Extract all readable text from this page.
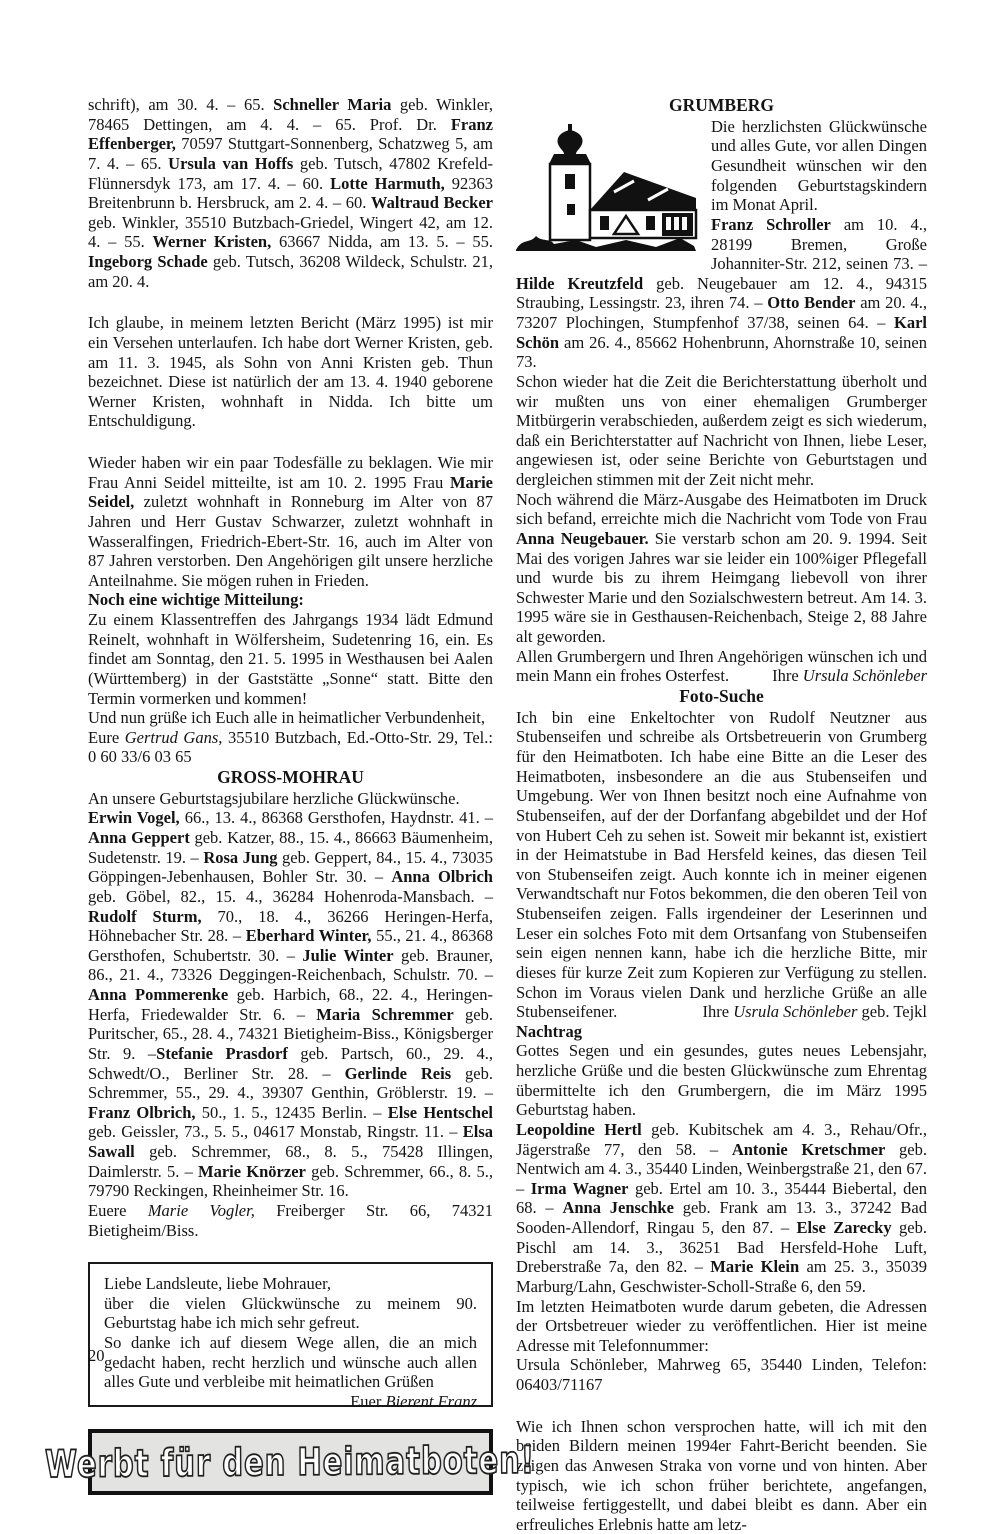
schrift), am 30. 4. – 65. Schneller Maria geb. Winkler, 78465 Dettingen, am 4. 4. – 65. Prof. Dr. Franz Effenberger, 70597 Stuttgart-Sonnenberg, Schatzweg 5, am 7. 4. – 65. Ursula van Hoffs geb. Tutsch, 47802 Krefeld-Flünnersdyk 173, am 17. 4. – 60. Lotte Harmuth, 92363 Breitenbrunn b. Hersbruck, am 2. 4. – 60. Waltraud Becker geb. Winkler, 35510 Butzbach-Griedel, Wingert 42, am 12. 4. – 55. Werner Kristen, 63667 Nidda, am 13. 5. – 55. Ingeborg Schade geb. Tutsch, 36208 Wildeck, Schulstr. 21, am 20. 4.
Ich glaube, in meinem letzten Bericht (März 1995) ist mir ein Versehen unterlaufen. Ich habe dort Werner Kristen, geb. am 11. 3. 1945, als Sohn von Anni Kristen geb. Thun bezeichnet. Diese ist natürlich der am 13. 4. 1940 geborene Werner Kristen, wohnhaft in Nidda. Ich bitte um Entschuldigung.
Wieder haben wir ein paar Todesfälle zu beklagen. Wie mir Frau Anni Seidel mitteilte, ist am 10. 2. 1995 Frau Marie Seidel, zuletzt wohnhaft in Ronneburg im Alter von 87 Jahren und Herr Gustav Schwarzer, zuletzt wohnhaft in Wasseralfingen, Friedrich-Ebert-Str. 16, auch im Alter von 87 Jahren verstorben. Den Angehörigen gilt unsere herzliche Anteilnahme. Sie mögen ruhen in Frieden.
Noch eine wichtige Mitteilung:
Zu einem Klassentreffen des Jahrgangs 1934 lädt Edmund Reinelt, wohnhaft in Wölfersheim, Sudetenring 16, ein. Es findet am Sonntag, den 21. 5. 1995 in Westhausen bei Aalen (Württemberg) in der Gaststätte „Sonne“ statt. Bitte den Termin vormerken und kommen!
Und nun grüße ich Euch alle in heimatlicher Verbundenheit,
Eure Gertrud Gans, 35510 Butzbach, Ed.-Otto-Str. 29, Tel.: 0 60 33/6 03 65
GROSS-MOHRAU
An unsere Geburtstagsjubilare herzliche Glückwünsche.
Erwin Vogel, 66., 13. 4., 86368 Gersthofen, Haydnstr. 41. – Anna Geppert geb. Katzer, 88., 15. 4., 86663 Bäumenheim, Sudetenstr. 19. – Rosa Jung geb. Geppert, 84., 15. 4., 73035 Göppingen-Jebenhausen, Bohler Str. 30. – Anna Olbrich geb. Göbel, 82., 15. 4., 36284 Hohenroda-Mansbach. – Rudolf Sturm, 70., 18. 4., 36266 Heringen-Herfa, Höhnebacher Str. 28. – Eberhard Winter, 55., 21. 4., 86368 Gersthofen, Schubertstr. 30. – Julie Winter geb. Brauner, 86., 21. 4., 73326 Deggingen-Reichenbach, Schulstr. 70. – Anna Pommerenke geb. Harbich, 68., 22. 4., Heringen-Herfa, Friedewalder Str. 6. – Maria Schremmer geb. Puritscher, 65., 28. 4., 74321 Bietigheim-Biss., Königsberger Str. 9. –Stefanie Prasdorf geb. Partsch, 60., 29. 4., Schwedt/O., Berliner Str. 28. – Gerlinde Reis geb. Schremmer, 55., 29. 4., 39307 Genthin, Gröblerstr. 19. – Franz Olbrich, 50., 1. 5., 12435 Berlin. – Else Hentschel geb. Geissler, 73., 5. 5., 04617 Monstab, Ringstr. 11. – Elsa Sawall geb. Schremmer, 68., 8. 5., 75428 Illingen, Daimlerstr. 5. – Marie Knörzer geb. Schremmer, 66., 8. 5., 79790 Reckingen, Rheinheimer Str. 16.
Euere Marie Vogler, Freiberger Str. 66, 74321 Bietigheim/Biss.
Liebe Landsleute, liebe Mohrauer,
über die vielen Glückwünsche zu meinem 90. Geburtstag habe ich mich sehr gefreut.
So danke ich auf diesem Wege allen, die an mich gedacht haben, recht herzlich und wünsche auch allen alles Gute und verbleibe mit heimatlichen Grüßen
Euer Bierent Franz
Werbt für den Heimatboten!
GRUMBERG
Die herzlichsten Glückwünsche und alles Gute, vor allen Dingen Gesundheit wünschen wir den folgenden Geburtstagskindern im Monat April.
Franz Schroller am 10. 4., 28199 Bremen, Große Johanniter-Str. 212, seinen 73. – Hilde Kreutzfeld geb. Neugebauer am 12. 4., 94315 Straubing, Lessingstr. 23, ihren 74. – Otto Bender am 20. 4., 73207 Plochingen, Stumpfenhof 37/38, seinen 64. – Karl Schön am 26. 4., 85662 Hohenbrunn, Ahornstraße 10, seinen 73.
Schon wieder hat die Zeit die Berichterstattung überholt und wir mußten uns von einer ehemaligen Grumberger Mitbürgerin verabschieden, außerdem zeigt es sich wiederum, daß ein Berichterstatter auf Nachricht von Ihnen, liebe Leser, angewiesen ist, oder seine Berichte von Geburtstagen und dergleichen stimmen mit der Zeit nicht mehr.
Noch während die März-Ausgabe des Heimatboten im Druck sich befand, erreichte mich die Nachricht vom Tode von Frau Anna Neugebauer. Sie verstarb schon am 20. 9. 1994. Seit Mai des vorigen Jahres war sie leider ein 100%iger Pflegefall und wurde bis zu ihrem Heimgang liebevoll von ihrer Schwester Marie und den Sozialschwestern betreut. Am 14. 3. 1995 wäre sie in Gesthausen-Reichenbach, Steige 2, 88 Jahre alt geworden.
Allen Grumbergern und Ihren Angehörigen wünschen ich und mein Mann ein frohes Osterfest.	Ihre Ursula Schönleber
Foto-Suche
Ich bin eine Enkeltochter von Rudolf Neutzner aus Stubenseifen und schreibe als Ortsbetreuerin von Grumberg für den Heimatboten. Ich habe eine Bitte an die Leser des Heimatboten, insbesondere an die aus Stubenseifen und Umgebung. Wer von Ihnen besitzt noch eine Aufnahme von Stubenseifen, auf der der Dorfanfang abgebildet und der Hof von Hubert Ceh zu sehen ist. Soweit mir bekannt ist, existiert in der Heimatstube in Bad Hersfeld keines, das diesen Teil von Stubenseifen zeigt. Auch konnte ich in meiner eigenen Verwandtschaft nur Fotos bekommen, die den oberen Teil von Stubenseifen zeigen. Falls irgendeiner der Leserinnen und Leser ein solches Foto mit dem Ortsanfang von Stubenseifen sein eigen nennen kann, habe ich die herzliche Bitte, mir dieses für kurze Zeit zum Kopieren zur Verfügung zu stellen. Schon im Voraus vielen Dank und herzliche Grüße an alle Stubenseifener.	Ihre Usrula Schönleber geb. Tejkl
Nachtrag
Gottes Segen und ein gesundes, gutes neues Lebensjahr, herzliche Grüße und die besten Glückwünsche zum Ehrentag übermittelte ich den Grumbergern, die im März 1995 Geburtstag haben.
Leopoldine Hertl geb. Kubitschek am 4. 3., Rehau/Ofr., Jägerstraße 77, den 58. – Antonie Kretschmer geb. Nentwich am 4. 3., 35440 Linden, Weinbergstraße 21, den 67. – Irma Wagner geb. Ertel am 10. 3., 35444 Biebertal, den 68. – Anna Jenschke geb. Frank am 13. 3., 37242 Bad Sooden-Allendorf, Ringau 5, den 87. – Else Zarecky geb. Pischl am 14. 3., 36251 Bad Hersfeld-Hohe Luft, Dreberstraße 7a, den 82. – Marie Klein am 25. 3., 35039 Marburg/Lahn, Geschwister-Scholl-Straße 6, den 59.
Im letzten Heimatboten wurde darum gebeten, die Adressen der Ortsbetreuer wieder zu veröffentlichen. Hier ist meine Adresse mit Telefonnummer:
Ursula Schönleber, Mahrweg 65, 35440 Linden, Telefon: 06403/71167
Wie ich Ihnen schon versprochen hatte, will ich mit den beiden Bildern meinen 1994er Fahrt-Bericht beenden. Sie zeigen das Anwesen Straka von vorne und von hinten. Aber typisch, wie ich schon früher berichtete, angefangen, teilweise fertiggestellt, und dabei bleibt es dann. Aber ein erfreuliches Erlebnis hatte am letz-
20
